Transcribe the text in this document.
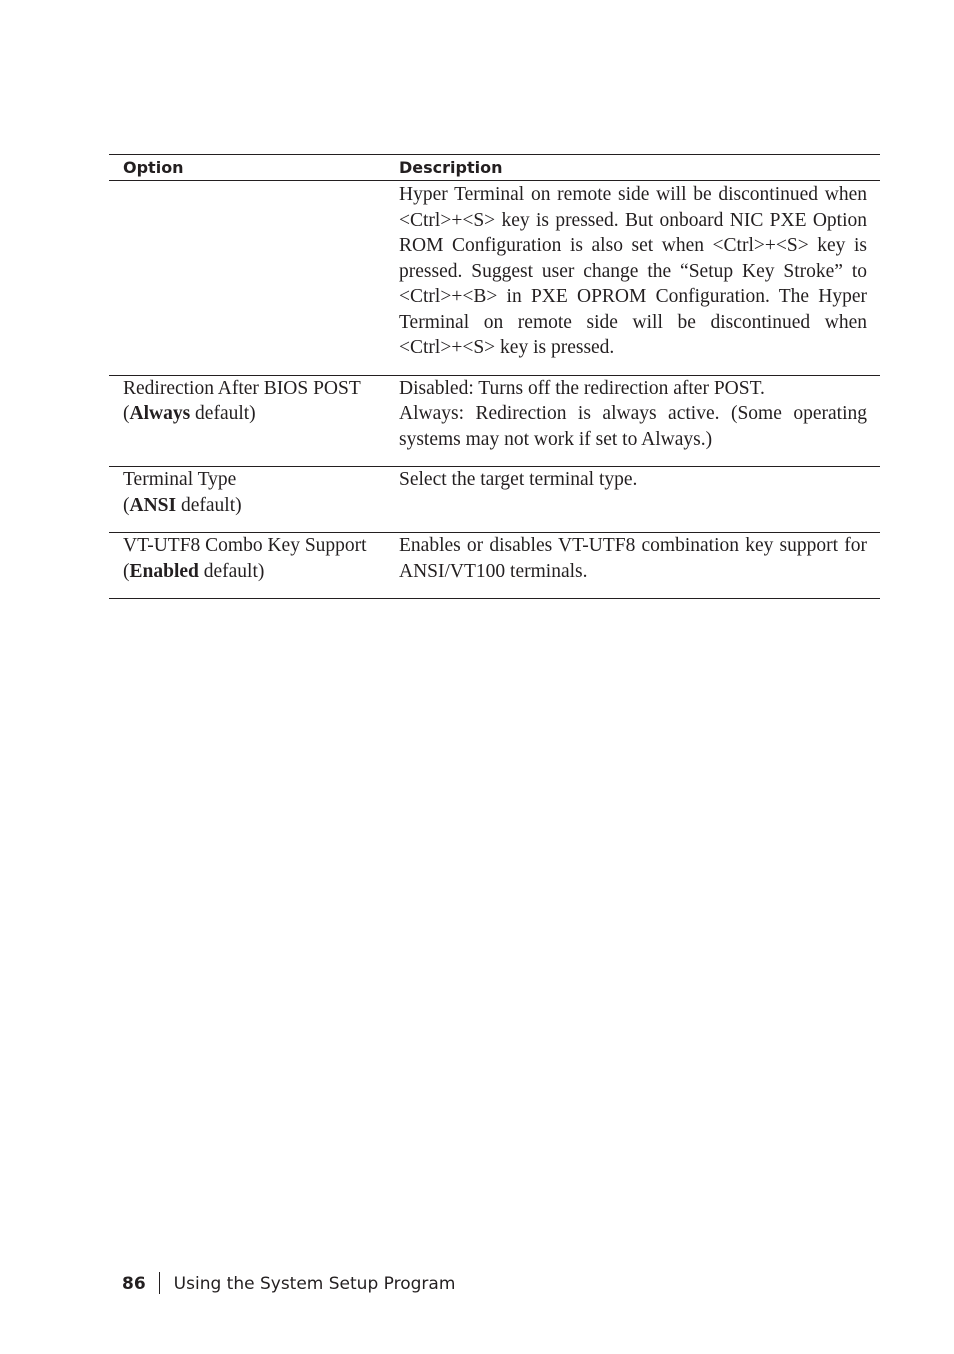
Option	Description

	Hyper Terminal on remote side will be discontinued when <Ctrl>+<S> key is pressed. But onboard NIC PXE Option ROM Configuration is also set when <Ctrl>+<S> key is pressed. Suggest user change the “Setup Key Stroke” to <Ctrl>+<B> in PXE OPROM Configuration. The Hyper Terminal on remote side will be discontinued when <Ctrl>+<S> key is pressed.

Redirection After BIOS POST
(Always default)	Disabled: Turns off the redirection after POST.
Always: Redirection is always active. (Some operating systems may not work if set to Always.)

Terminal Type
(ANSI default)	Select the target terminal type.

VT-UTF8 Combo Key Support
(Enabled default)	Enables or disables VT-UTF8 combination key support for ANSI/VT100 terminals.
86 Using the System Setup Program
